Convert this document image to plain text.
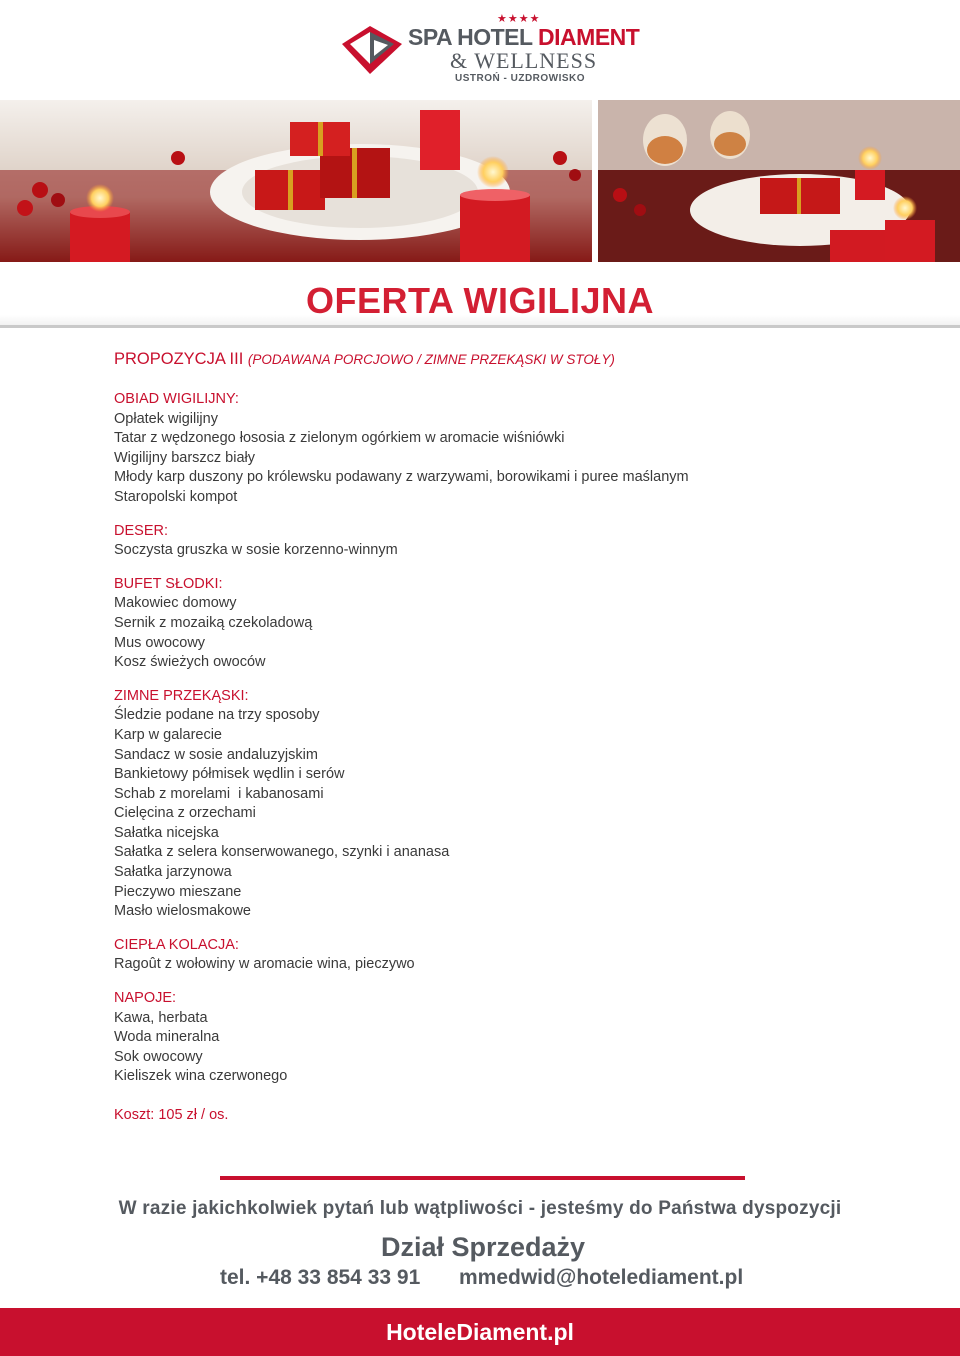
★★★★
SPA HOTEL DIAMENT
& WELLNESS
USTROŃ - UZDROWISKO
OFERTA WIGILIJNA
PROPOZYCJA III (PODAWANA PORCJOWO / ZIMNE PRZEKĄSKI W STOŁY)
OBIAD WIGILIJNY:
Opłatek wigilijny
Tatar z wędzonego łososia z zielonym ogórkiem w aromacie wiśniówki
Wigilijny barszcz biały
Młody karp duszony po królewsku podawany z warzywami, borowikami i puree maślanym
Staropolski kompot
DESER:
Soczysta gruszka w sosie korzenno-winnym
BUFET SŁODKI:
Makowiec domowy
Sernik z mozaiką czekoladową
Mus owocowy
Kosz świeżych owoców
ZIMNE PRZEKĄSKI:
Śledzie podane na trzy sposoby
Karp w galarecie
Sandacz w sosie andaluzyjskim
Bankietowy półmisek wędlin i serów
Schab z morelami  i kabanosami
Cielęcina z orzechami
Sałatka nicejska
Sałatka z selera konserwowanego, szynki i ananasa
Sałatka jarzynowa
Pieczywo mieszane
Masło wielosmakowe
CIEPŁA KOLACJA:
Ragoût z wołowiny w aromacie wina, pieczywo
NAPOJE:
Kawa, herbata
Woda mineralna
Sok owocowy
Kieliszek wina czerwonego
Koszt: 105 zł / os.
W razie jakichkolwiek pytań lub wątpliwości - jesteśmy do Państwa dyspozycji
Dział Sprzedaży
tel. +48 33 854 33 91 mmedwid@hotelediament.pl
HoteleDiament.pl
